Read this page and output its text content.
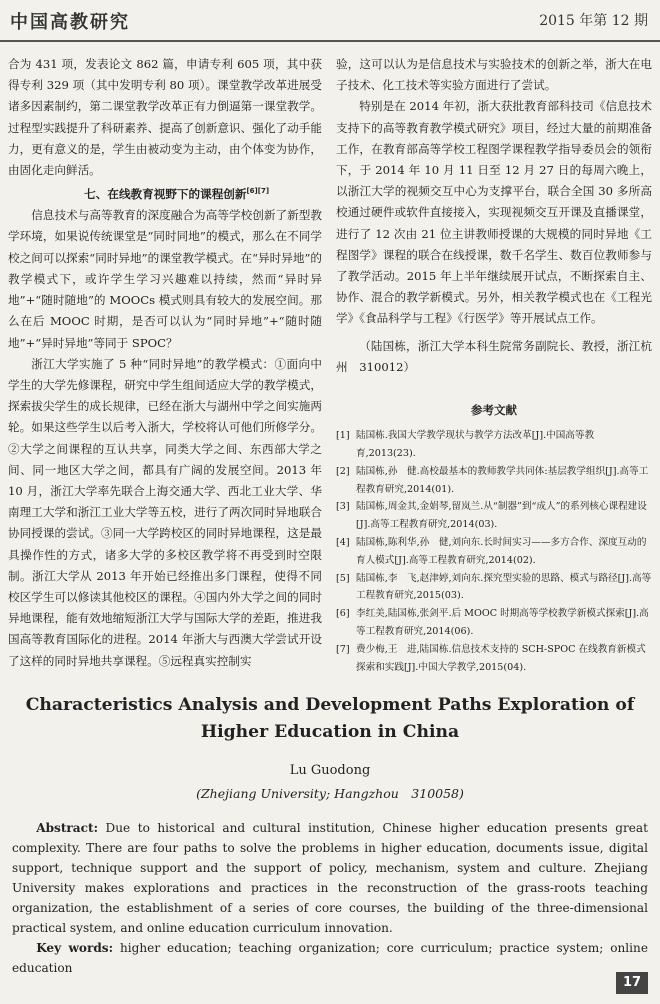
中国高教研究	2015 年第 12 期

合为 431 项，发表论文 862 篇，申请专利 605 项，其中获得专利 329 项（其中发明专利 80 项）。课堂教学改革进展受诸多因素制约，第二课堂教学改革正有力倒逼第一课堂教学。过程型实践提升了科研素养、提高了创新意识、强化了动手能力，更有意义的是，学生由被动变为主动，由个体变为协作，由固化走向鲜活。

七、在线教育视野下的课程创新[6][7]

信息技术与高等教育的深度融合为高等学校创新了新型教学环境，如果说传统课堂是“同时同地”的模式，那么在不同学校之间可以探索“同时异地”的课堂教学模式。在“异时异地”的教学模式下，或许学生学习兴趣难以持续，然而“异时异地”+“随时随地”的 MOOCs 模式则具有较大的发展空间。那么在后 MOOC 时期，是否可以认为“同时异地”+“随时随地”+“异时异地”等同于 SPOC？

浙江大学实施了 5 种“同时异地”的教学模式：①面向中学生的大学先修课程，研究中学生组间适应大学的教学模式，探索拔尖学生的成长规律，已经在浙大与湖州中学之间实施两轮。如果这些学生以后考入浙大，学校将认可他们所修学分。②大学之间课程的互认共享，同类大学之间、东西部大学之间、同一地区大学之间，都具有广阔的发展空间。2013 年 10 月，浙江大学率先联合上海交通大学、西北工业大学、华南理工大学和浙江工业大学等五校，进行了两次同时异地联合协同授课的尝试。③同一大学跨校区的同时异地课程，这是最具操作性的方式，诸多大学的多校区教学将不再受到时空限制。浙江大学从 2013 年开始已经推出多门课程，使得不同校区学生可以修读其他校区的课程。④国内外大学之间的同时异地课程，能有效地缩短浙江大学与国际大学的差距，推进我国高等教育国际化的进程。2014 年浙大与西澳大学尝试开设了这样的同时异地共享课程。⑤远程真实控制实

验，这可以认为是信息技术与实验技术的创新之举，浙大在电子技术、化工技术等实验方面进行了尝试。

特别是在 2014 年初，浙大获批教育部科技司《信息技术支持下的高等教育教学模式研究》项目，经过大量的前期准备工作，在教育部高等学校工程图学课程教学指导委员会的领衔下，于 2014 年 10 月 11 日至 12 月 27 日的每周六晚上，以浙江大学的视频交互中心为支撑平台，联合全国 30 多所高校通过硬件或软件直接接入，实现视频交互开课及直播课堂，进行了 12 次由 21 位主讲教师授课的大规模的同时异地《工程图学》课程的联合在线授课，数千名学生、数百位教师参与了教学活动。2015 年上半年继续展开试点，不断探索自主、协作、混合的教学新模式。另外，相关教学模式也在《工程光学》《食品科学与工程》《行医学》等开展试点工作。

（陆国栋，浙江大学本科生院常务副院长、教授，浙江杭州　310012）

参考文献
[1] 陆国栋.我国大学教学现状与教学方法改革[J].中国高等教育,2013(23).
[2] 陆国栋,孙　健.高校最基本的教师教学共同体:基层教学组织[J].高等工程教育研究,2014(01).
[3] 陆国栋,周金其,金娟琴,留岚兰.从“制器”到“成人”的系列核心课程建设[J].高等工程教育研究,2014(03).
[4] 陆国栋,陈利华,孙　健,刘向东.长时间实习——多方合作、深度互动的育人模式[J].高等工程教育研究,2014(02).
[5] 陆国栋,李　飞,赵津婷,刘向东.探究型实验的思路、模式与路径[J].高等工程教育研究,2015(03).
[6] 李红美,陆国栋,张剑平.后 MOOC 时期高等学校教学新模式探索[J].高等工程教育研究,2014(06).
[7] 费少梅,王　进,陆国栋.信息技术支持的 SCH-SPOC 在线教育新模式探索和实践[J].中国大学教学,2015(04).
Characteristics Analysis and Development Paths Exploration of
Higher Education in China
Lu Guodong
(Zhejiang University; Hangzhou　310058)

Abstract: Due to historical and cultural institution, Chinese higher education presents great complexity. There are four paths to solve the problems in higher education, documents issue, digital support, technique support and the support of policy, mechanism, system and culture. Zhejiang University makes explorations and practices in the reconstruction of the grass-roots teaching organization, the establishment of a series of core courses, the building of the three-dimensional practical system, and online education curriculum innovation.

Key words: higher education; teaching organization; core curriculum; practice system; online education

17
